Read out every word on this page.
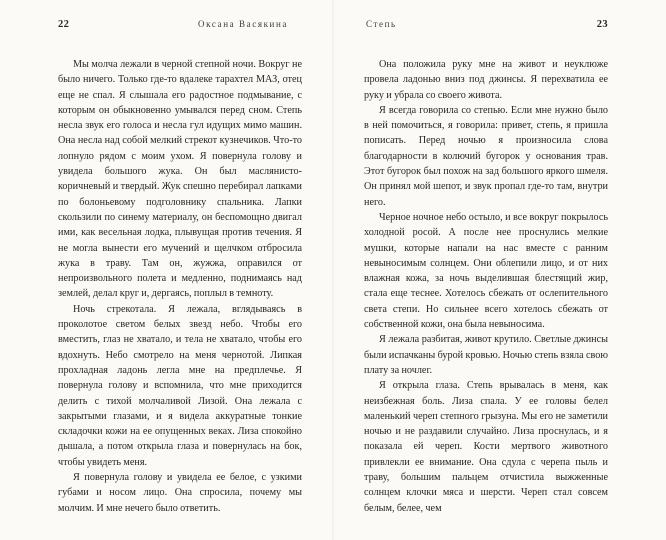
22	Оксана Васякина

Мы молча лежали в черной степной ночи. Вокруг не было ничего. Только где-то вдалеке тарахтел МАЗ, отец еще не спал. Я слышала его радостное подмывание, с которым он обыкновенно умывался перед сном. Степь несла звук его голоса и несла гул идущих мимо машин. Она несла над собой мелкий стрекот кузнечиков. Что-то лопнуло рядом с моим ухом. Я повернула голову и увидела большого жука. Он был маслянисто-коричневый и твердый. Жук спешно перебирал лапками по болоньевому подголовнику спальника. Лапки скользили по синему материалу, он беспомощно двигал ими, как весельная лодка, плывущая против течения. Я не могла вынести его мучений и щелчком отбросила жука в траву. Там он, жужжа, оправился от непроизвольного полета и медленно, поднимаясь над землей, делал круг и, дергаясь, поплыл в темноту.

Ночь стрекотала. Я лежала, вглядываясь в проколотое светом белых звезд небо. Чтобы его вместить, глаз не хватало, и тела не хватало, чтобы его вдохнуть. Небо смотрело на меня чернотой. Липкая прохладная ладонь легла мне на предплечье. Я повернула голову и вспомнила, что мне приходится делить с тихой молчаливой Лизой. Она лежала с закрытыми глазами, и я видела аккуратные тонкие складочки кожи на ее опущенных веках. Лиза спокойно дышала, а потом открыла глаза и повернулась на бок, чтобы увидеть меня.

Я повернула голову и увидела ее белое, с узкими губами и носом лицо. Она спросила, почему мы молчим. И мне нечего было ответить.

Степь	23

Она положила руку мне на живот и неуклюже провела ладонью вниз под джинсы. Я перехватила ее руку и убрала со своего живота.

Я всегда говорила со степью. Если мне нужно было в ней помочиться, я говорила: привет, степь, я пришла пописать. Перед ночью я произносила слова благодарности в колючий бугорок у основания трав. Этот бугорок был похож на зад большого яркого шмеля. Он принял мой шепот, и звук пропал где-то там, внутри него.

Черное ночное небо остыло, и все вокруг покрылось холодной росой. А после нее проснулись мелкие мушки, которые напали на нас вместе с ранним невыносимым солнцем. Они облепили лицо, и от них влажная кожа, за ночь выделившая блестящий жир, стала еще теснее. Хотелось сбежать от ослепительного света степи. Но сильнее всего хотелось сбежать от собственной кожи, она была невыносима.

Я лежала разбитая, живот крутило. Светлые джинсы были испачканы бурой кровью. Ночью степь взяла свою плату за ночлег.

Я открыла глаза. Степь врывалась в меня, как неизбежная боль. Лиза спала. У ее головы белел маленький череп степного грызуна. Мы его не заметили ночью и не раздавили случайно. Лиза проснулась, и я показала ей череп. Кости мертвого животного привлекли ее внимание. Она сдула с черепа пыль и траву, большим пальцем отчистила выжженные солнцем клочки мяса и шерсти. Череп стал совсем белым, белее, чем
